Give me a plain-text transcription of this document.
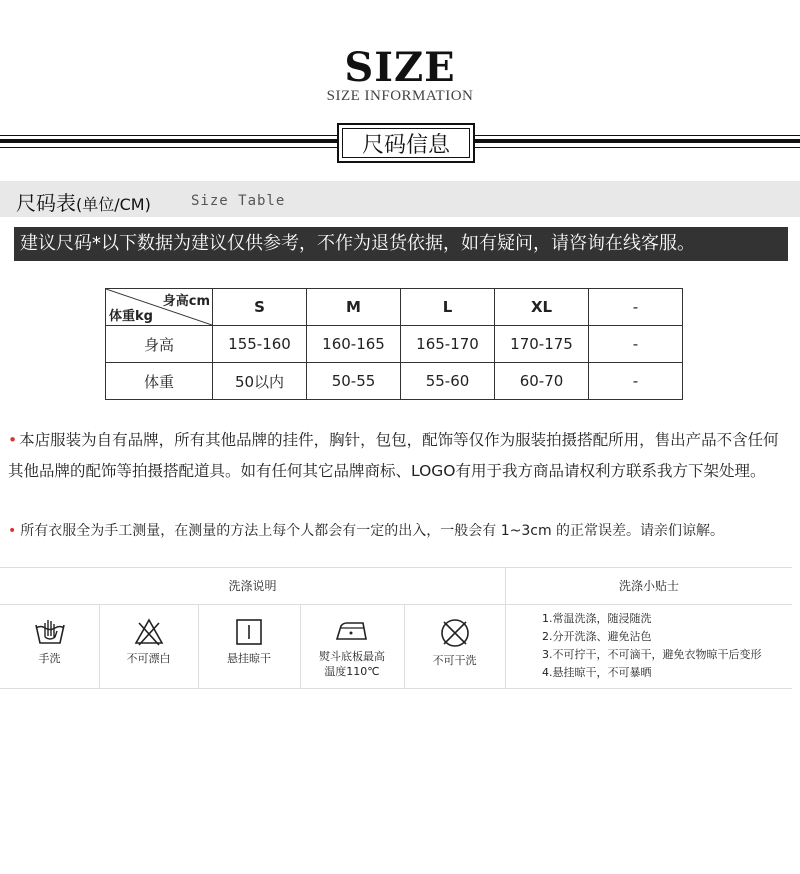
SIZE
SIZE INFORMATION
尺码信息
尺码表(单位/CM)	Size Table
建议尺码*以下数据为建议仅供参考，不作为退货依据，如有疑问，请咨询在线客服。
身高cm
体重kg	S	M	L	XL	-
身高	155-160	160-165	165-170	170-175	-
体重	50以内	50-55	55-60	60-70	-
• 本店服装为自有品牌，所有其他品牌的挂件，胸针，包包，配饰等仅作为服装拍摄搭配所用，售出产品不含任何其他品牌的配饰等拍摄搭配道具。如有任何其它品牌商标、LOGO有用于我方商品请权利方联系我方下架处理。
• 所有衣服全为手工测量，在测量的方法上每个人都会有一定的出入，一般会有 1~3cm 的正常误差。请亲们谅解。
洗涤说明	洗涤小贴士
手洗	不可漂白	悬挂晾干	熨斗底板最高
温度110℃
不可干洗
1.常温洗涤，随浸随洗
2.分开洗涤、避免沾色
3.不可拧干，不可滴干，避免衣物晾干后变形
4.悬挂晾干，不可暴晒
